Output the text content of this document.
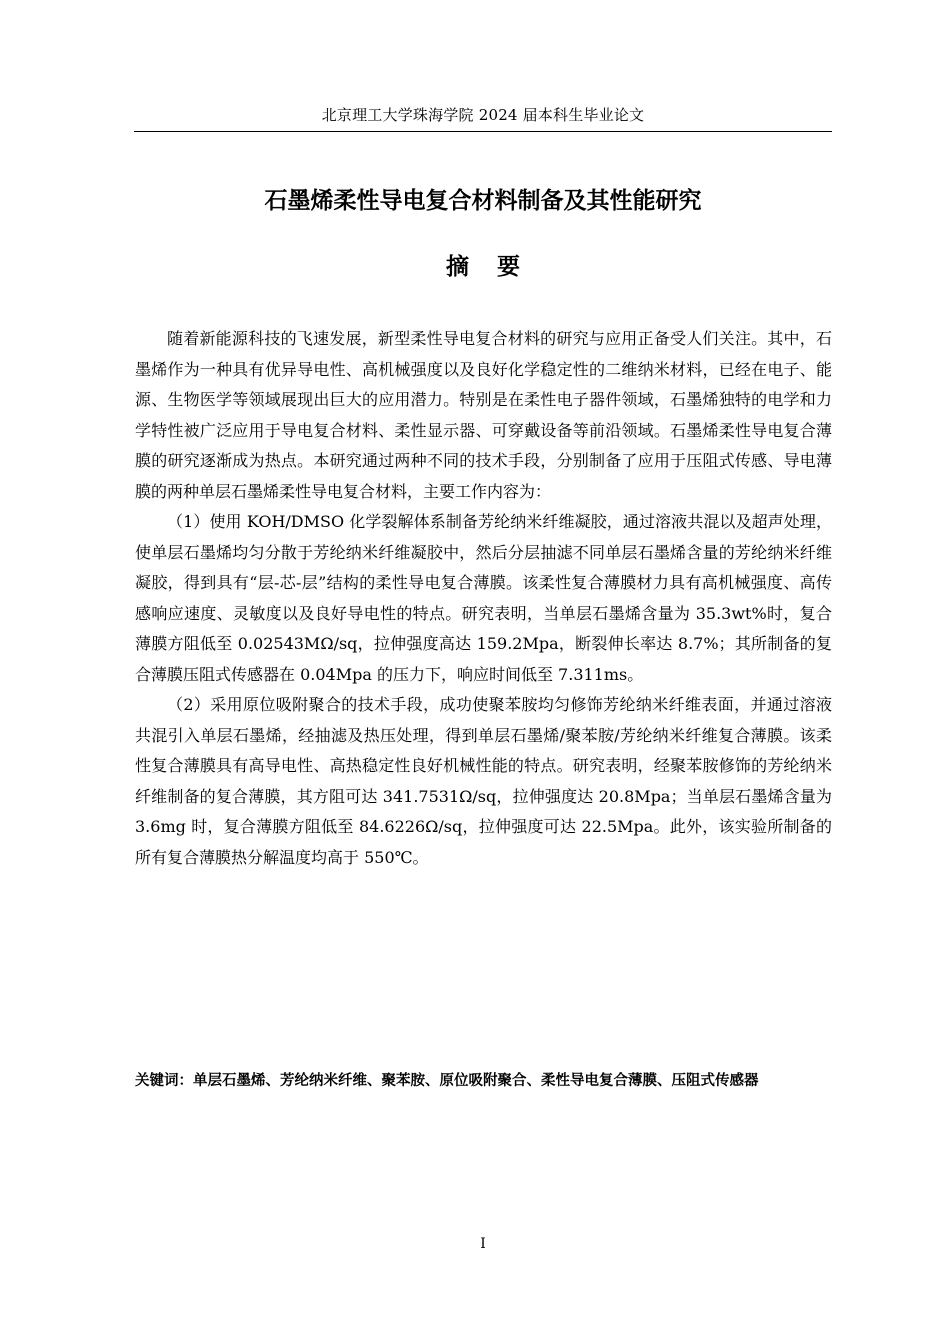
北京理工大学珠海学院 2024 届本科生毕业论文
石墨烯柔性导电复合材料制备及其性能研究
摘 要

随着新能源科技的飞速发展，新型柔性导电复合材料的研究与应用正备受人们关注。其中，石墨烯作为一种具有优异导电性、高机械强度以及良好化学稳定性的二维纳米材料，已经在电子、能源、生物医学等领域展现出巨大的应用潜力。特别是在柔性电子器件领域，石墨烯独特的电学和力学特性被广泛应用于导电复合材料、柔性显示器、可穿戴设备等前沿领域。石墨烯柔性导电复合薄膜的研究逐渐成为热点。本研究通过两种不同的技术手段，分别制备了应用于压阻式传感、导电薄膜的两种单层石墨烯柔性导电复合材料，主要工作内容为：

（1）使用 KOH/DMSO 化学裂解体系制备芳纶纳米纤维凝胶，通过溶液共混以及超声处理，使单层石墨烯均匀分散于芳纶纳米纤维凝胶中，然后分层抽滤不同单层石墨烯含量的芳纶纳米纤维凝胶，得到具有“层-芯-层”结构的柔性导电复合薄膜。该柔性复合薄膜材力具有高机械强度、高传感响应速度、灵敏度以及良好导电性的特点。研究表明，当单层石墨烯含量为 35.3wt%时，复合薄膜方阻低至 0.02543MΩ/sq，拉伸强度高达 159.2Mpa，断裂伸长率达 8.7%；其所制备的复合薄膜压阻式传感器在 0.04Mpa 的压力下，响应时间低至 7.311ms。

（2）采用原位吸附聚合的技术手段，成功使聚苯胺均匀修饰芳纶纳米纤维表面，并通过溶液共混引入单层石墨烯，经抽滤及热压处理，得到单层石墨烯/聚苯胺/芳纶纳米纤维复合薄膜。该柔性复合薄膜具有高导电性、高热稳定性良好机械性能的特点。研究表明，经聚苯胺修饰的芳纶纳米纤维制备的复合薄膜，其方阻可达 341.7531Ω/sq，拉伸强度达 20.8Mpa；当单层石墨烯含量为 3.6mg 时，复合薄膜方阻低至 84.6226Ω/sq，拉伸强度可达 22.5Mpa。此外，该实验所制备的所有复合薄膜热分解温度均高于 550℃。

关键词：单层石墨烯、芳纶纳米纤维、聚苯胺、原位吸附聚合、柔性导电复合薄膜、压阻式传感器
I
